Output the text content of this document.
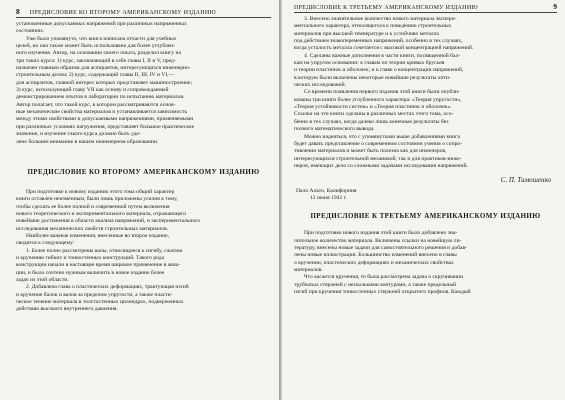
8 ПРЕДИСЛОВИЕ КО ВТОРОМУ АМЕРИКАНСКОМУ ИЗДАНИЮ

установленные допускаемых напряжений при различных напряженных

состояниях.

Уже было упомянуто, что книга написана отчасти для учебных

целей, но она также может быть использована для более углублен-

ного изучения. Автор, на основании своего опыта, разделил книгу на

три таких курса: 1) курс, заключающий в себе главы I, II и V, пред-

назначен главным образом для аспирантов, интересующихся инженерно-

строительным делом; 2) курс, содержащий главы II, III, IV и VI,—

для аспирантов, главной интерес которых представляет машиностроение;

3) курс, использующий главу VII как основу и сопровождаемый

демонстрированием опытов в лаборатории по испытанию материалов.

Автор полагает, что такой курс, в котором рассматриваются основ-

ные механические свойства материалов и устанавливается зависимость

между этими свойствами и допускаемыми напряжениями, применяемыми

при различных условиях нагружения, представляет большое практическое

значение, и изучение такого курса должно быть уде-

лено большее внимание в нашем инженерном образовании.

ПРЕДИСЛОВИЕ КО ВТОРОМУ АМЕРИКАНСКОМУ ИЗДАНИЮ

При подготовке к новому изданию этого тома общий характер

книги оставлен неизменным, были лишь приложены усилия к тому,

чтобы сделать ее более полной и современной путем включения

нового теоретического и экспериментального материала, отражающего

новейшие достижения в области анализа напряжений, и экспериментального

исследования механических свойств строительных материалов.

Наиболее важные изменения, внесенные во второе издание,

сводятся к следующему:

1. Более полно рассмотрены валы, относящиеся к изгибу, сжатию

и кручению гибких и тонкостенных конструкций. Такого рода

конструкции начали в настоящее время широкое применение в авиа-

ции, и было сочтено нужным включить в новое издание более

задач из этой области.

2. Добавлена глава о пластических деформациях, трактующая изгиб

и кручение балок и валов за пределом упругости, а также пласти-

ческое течение материала в толстостенных цилиндрах, подверженных

действию высокого внутреннего давления.

ПРЕДИСЛОВИЕ К ТРЕТЬЕМУ АМЕРИКАНСКОМУ ИЗДАНИЮ	9

3. Внесено значительное количество нового материала экспери-

ментального характера, относящегося к поведению строительных

материалов при высокой температуре и к устойчиво металла

под действием знакопеременных напряжений, особенно в тех случаях,

когда усталость металла сочетается с высокой концентрацией напряжений.

4. Сделаны важные дополнения в части книги, посвященной бал-

кам на упругом основании: к главам по теории кривых брусьев

и теории пластинок и оболочек; и к главе о концентрации напряжений,

в которую были включены некоторые новейшие результаты опти-

ческих исследований.

Со времени появления первого издания этой книги были опубли-

кованы три книги более углубленного характера: «Теория упругости»,

«Теория устойчивости систем» и «Теория пластинок и оболочек».

Ссылки на эти книги сделаны в различных местах этого тома, осо-

бенно в тех случаях, когда далеко лишь конечные результаты без

полного математического вывода.

Можно надеяться, что с упомянутыми выше добавлениями книга

будет давать представление о современном состоянии учения о сопро-

тивлении материалов и может быть полезна как для инженеров,

интересующихся строительной механикой, так и для практиков-инже-

неров, имеющих дело со сложными задачами исследования напряжений.

С. П. Тимошенко

Пало Альто, Калифорния
12 июня 1941 г.

ПРЕДИСЛОВИЕ К ТРЕТЬЕМУ АМЕРИКАНСКОМУ ИЗДАНИЮ

При подготовке нового издания этой книги было добавлено зна-

чительное количество материала. Включены ссылки на новейшую ли-

тературу, внесены новые задачи для самостоятельного решения и добав-

лены новые иллюстрации. Большинство изменений внесено в главы

о кручении, пластических деформациях и механических свойствах

материалов.

Что касается кручения, то была рассмотрена задача о скручивании

трубчатых стержней с несколькими контурами, а также предельный

изгиб при кручении тонкостенных стержней открытого профиля. Каждый
